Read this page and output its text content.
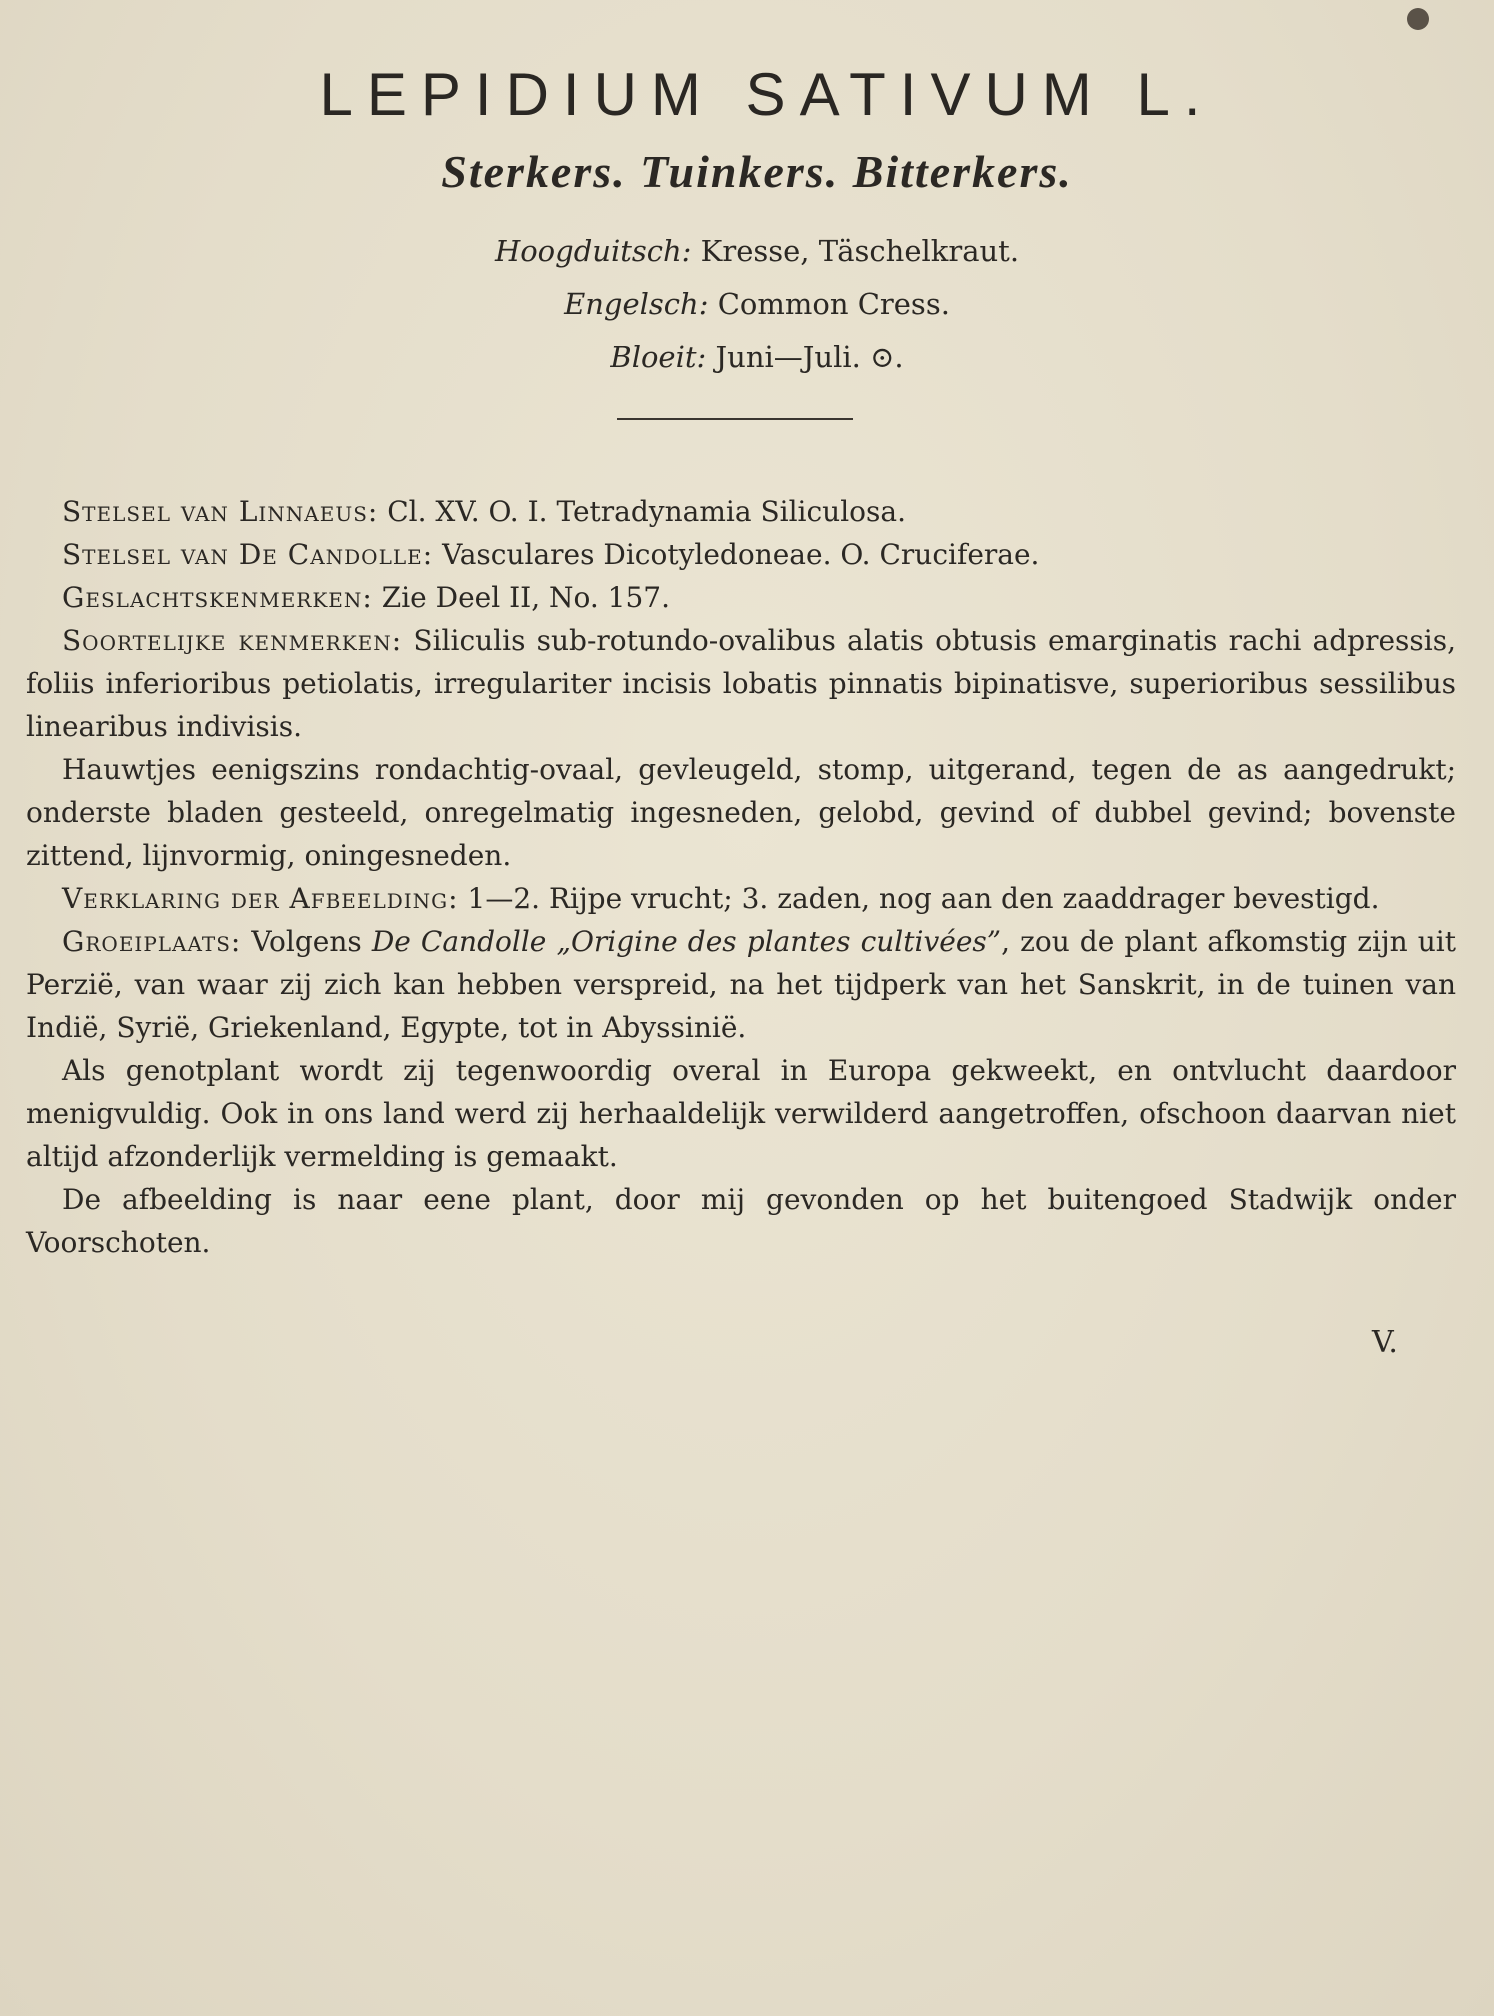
LEPIDIUM SATIVUM L.
Sterkers. Tuinkers. Bitterkers.
Hoogduitsch: Kresse, Täschelkraut.
Engelsch: Common Cress.
Bloeit: Juni—Juli. ⊙.

Stelsel van Linnaeus: Cl. XV. O. I. Tetradynamia Siliculosa.

Stelsel van De Candolle: Vasculares Dicotyledoneae. O. Cruciferae.

Geslachtskenmerken: Zie Deel II, No. 157.

Soortelijke kenmerken: Siliculis sub-rotundo-ovalibus alatis obtusis emarginatis rachi adpressis, foliis inferioribus petiolatis, irregulariter incisis lobatis pinnatis bipinatisve, superioribus sessilibus linearibus indivisis.

Hauwtjes eenigszins rondachtig-ovaal, gevleugeld, stomp, uitgerand, tegen de as aangedrukt; onderste bladen gesteeld, onregelmatig ingesneden, gelobd, gevind of dubbel gevind; bovenste zittend, lijnvormig, oningesneden.

Verklaring der Afbeelding: 1—2. Rijpe vrucht; 3. zaden, nog aan den zaaddrager bevestigd.

Groeiplaats: Volgens De Candolle „Origine des plantes cultivées”, zou de plant afkomstig zijn uit Perzië, van waar zij zich kan hebben verspreid, na het tijdperk van het Sanskrit, in de tuinen van Indië, Syrië, Griekenland, Egypte, tot in Abyssinië.

Als genotplant wordt zij tegenwoordig overal in Europa gekweekt, en ontvlucht daardoor menigvuldig. Ook in ons land werd zij herhaaldelijk verwilderd aangetroffen, ofschoon daarvan niet altijd afzonderlijk vermelding is gemaakt.

De afbeelding is naar eene plant, door mij gevonden op het buitengoed Stadwijk onder Voorschoten.

V.
